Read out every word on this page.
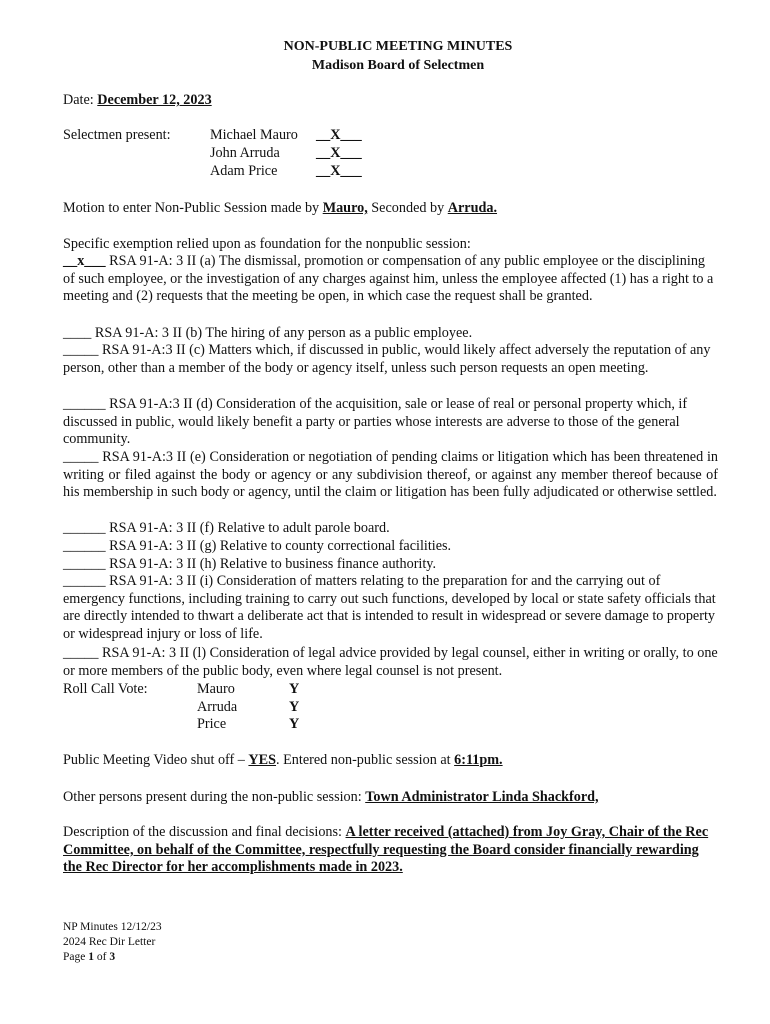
NON-PUBLIC MEETING MINUTES
Madison Board of Selectmen
Date: December 12, 2023
Selectmen present:	Michael Mauro __X___
John Arruda	__X___
Adam Price	__X___
Motion to enter Non-Public Session made by Mauro, Seconded by Arruda.
Specific exemption relied upon as foundation for the nonpublic session:
__x___ RSA 91-A: 3 II (a) The dismissal, promotion or compensation of any public employee or the disciplining of such employee, or the investigation of any charges against him, unless the employee affected (1) has a right to a meeting and (2) requests that the meeting be open, in which case the request shall be granted.
____ RSA 91-A: 3 II (b) The hiring of any person as a public employee.
_____ RSA 91-A:3 II (c) Matters which, if discussed in public, would likely affect adversely the reputation of any person, other than a member of the body or agency itself, unless such person requests an open meeting.
______ RSA 91-A:3 II (d) Consideration of the acquisition, sale or lease of real or personal property which, if discussed in public, would likely benefit a party or parties whose interests are adverse to those of the general community.
_____ RSA 91-A:3 II (e) Consideration or negotiation of pending claims or litigation which has been threatened in writing or filed against the body or agency or any subdivision thereof, or against any member thereof because of his membership in such body or agency, until the claim or litigation has been fully adjudicated or otherwise settled.
______ RSA 91-A: 3 II (f) Relative to adult parole board.
______ RSA 91-A: 3 II (g) Relative to county correctional facilities.
______ RSA 91-A: 3 II (h) Relative to business finance authority.
______ RSA 91-A: 3 II (i) Consideration of matters relating to the preparation for and the carrying out of emergency functions, including training to carry out such functions, developed by local or state safety officials that are directly intended to thwart a deliberate act that is intended to result in widespread or severe damage to property or widespread injury or loss of life.
_____ RSA 91-A: 3 II (l) Consideration of legal advice provided by legal counsel, either in writing or orally, to one or more members of the public body, even where legal counsel is not present.
Roll Call Vote:	Mauro	Y
Arruda	Y
Price	Y
Public Meeting Video shut off – YES. Entered non-public session at 6:11pm.
Other persons present during the non-public session: Town Administrator Linda Shackford,
Description of the discussion and final decisions: A letter received (attached) from Joy Gray, Chair of the Rec Committee, on behalf of the Committee, respectfully requesting the Board consider financially rewarding the Rec Director for her accomplishments made in 2023.
NP Minutes 12/12/23
2024 Rec Dir Letter
Page 1 of 3
